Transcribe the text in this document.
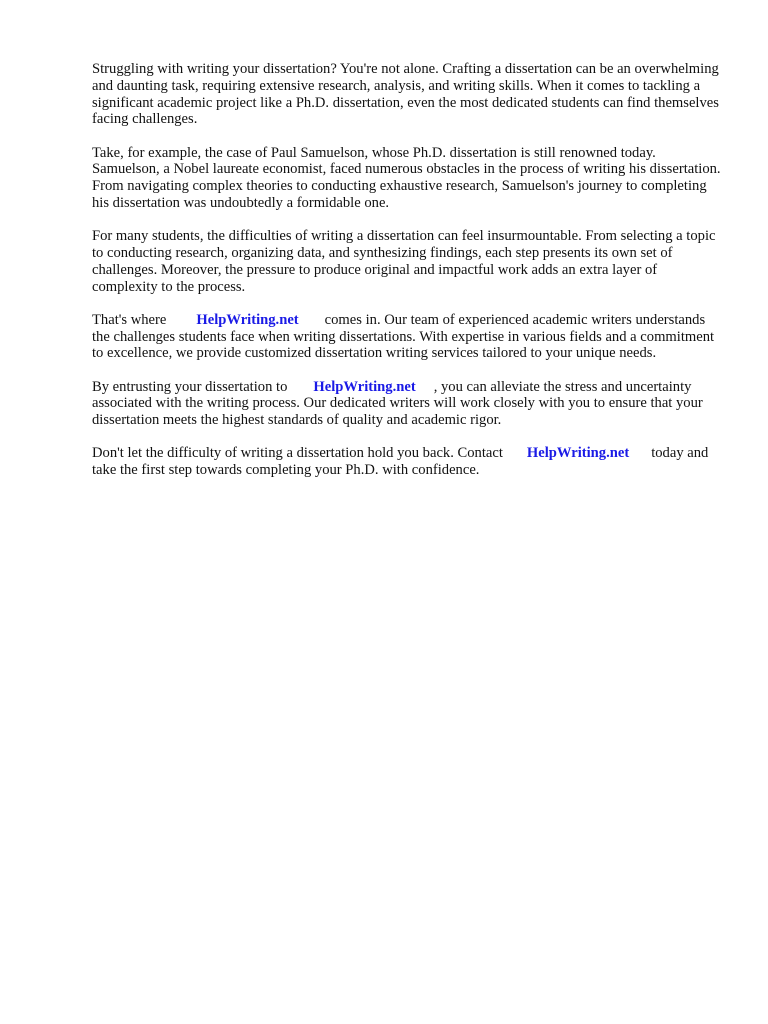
Struggling with writing your dissertation? You're not alone. Crafting a dissertation can be an overwhelming and daunting task, requiring extensive research, analysis, and writing skills. When it comes to tackling a significant academic project like a Ph.D. dissertation, even the most dedicated students can find themselves facing challenges.

Take, for example, the case of Paul Samuelson, whose Ph.D. dissertation is still renowned today. Samuelson, a Nobel laureate economist, faced numerous obstacles in the process of writing his dissertation. From navigating complex theories to conducting exhaustive research, Samuelson's journey to completing his dissertation was undoubtedly a formidable one.

For many students, the difficulties of writing a dissertation can feel insurmountable. From selecting a topic to conducting research, organizing data, and synthesizing findings, each step presents its own set of challenges. Moreover, the pressure to produce original and impactful work adds an extra layer of complexity to the process.

That's where HelpWriting.net comes in. Our team of experienced academic writers understands the challenges students face when writing dissertations. With expertise in various fields and a commitment to excellence, we provide customized dissertation writing services tailored to your unique needs.

By entrusting your dissertation to HelpWriting.net , you can alleviate the stress and uncertainty associated with the writing process. Our dedicated writers will work closely with you to ensure that your dissertation meets the highest standards of quality and academic rigor.

Don't let the difficulty of writing a dissertation hold you back. Contact HelpWriting.net today and take the first step towards completing your Ph.D. with confidence.
